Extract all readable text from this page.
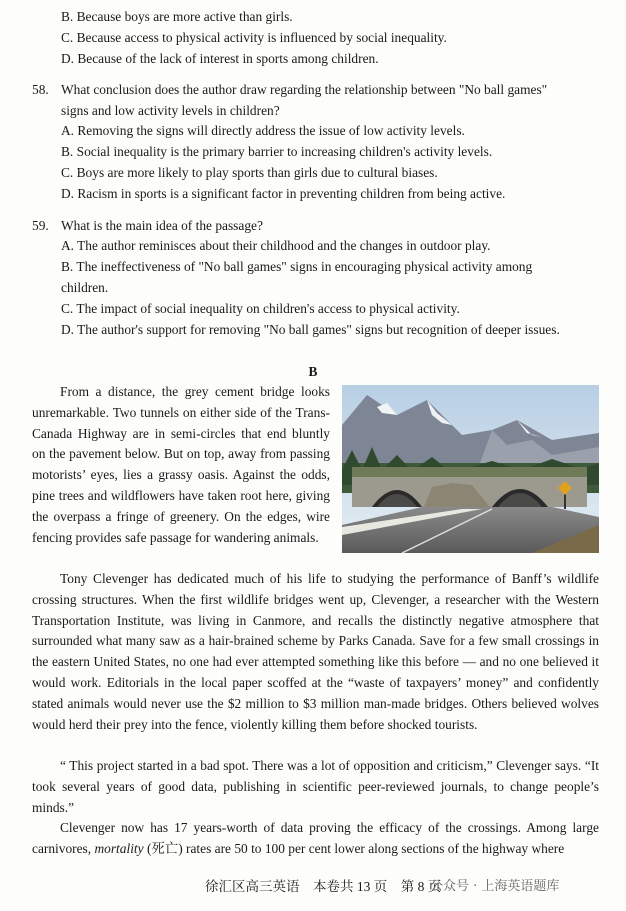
B. Because boys are more active than girls.
C. Because access to physical activity is influenced by social inequality.
D. Because of the lack of interest in sports among children.
58. What conclusion does the author draw regarding the relationship between "No ball games"
signs and low activity levels in children?
A. Removing the signs will directly address the issue of low activity levels.
B. Social inequality is the primary barrier to increasing children's activity levels.
C. Boys are more likely to play sports than girls due to cultural biases.
D. Racism in sports is a significant factor in preventing children from being active.
59. What is the main idea of the passage?
A. The author reminisces about their childhood and the changes in outdoor play.
B. The ineffectiveness of "No ball games" signs in encouraging physical activity among
children.
C. The impact of social inequality on children's access to physical activity.
D. The author's support for removing "No ball games" signs but recognition of deeper issues.
B
From a distance, the grey cement bridge looks unremarkable. Two tunnels on either side of the Trans-Canada Highway are in semi-circles that end bluntly on the pavement below. But on top, away from passing motorists’ eyes, lies a grassy oasis. Against the odds, pine trees and wildflowers have taken root here, giving the overpass a fringe of greenery. On the edges, wire fencing provides safe passage for wandering animals.
Tony Clevenger has dedicated much of his life to studying the performance of Banff’s wildlife crossing structures. When the first wildlife bridges went up, Clevenger, a researcher with the Western Transportation Institute, was living in Canmore, and recalls the distinctly negative atmosphere that surrounded what many saw as a hair-brained scheme by Parks Canada. Save for a few small crossings in the eastern United States, no one had ever attempted something like this before — and no one believed it would work. Editorials in the local paper scoffed at the “waste of taxpayers’ money” and confidently stated animals would never use the $2 million to $3 million man-made bridges. Others believed wolves would herd their prey into the fence, violently killing them before shocked tourists.
“ This project started in a bad spot. There was a lot of opposition and criticism,” Clevenger says. “It took several years of good data, publishing in scientific peer-reviewed journals, to change people’s minds.”
Clevenger now has 17 years-worth of data proving the efficacy of the crossings. Among large carnivores, mortality (死亡) rates are 50 to 100 per cent lower along sections of the highway where
徐汇区高三英语　本卷共 13 页　第 8 页
公众号 · 上海英语题库
